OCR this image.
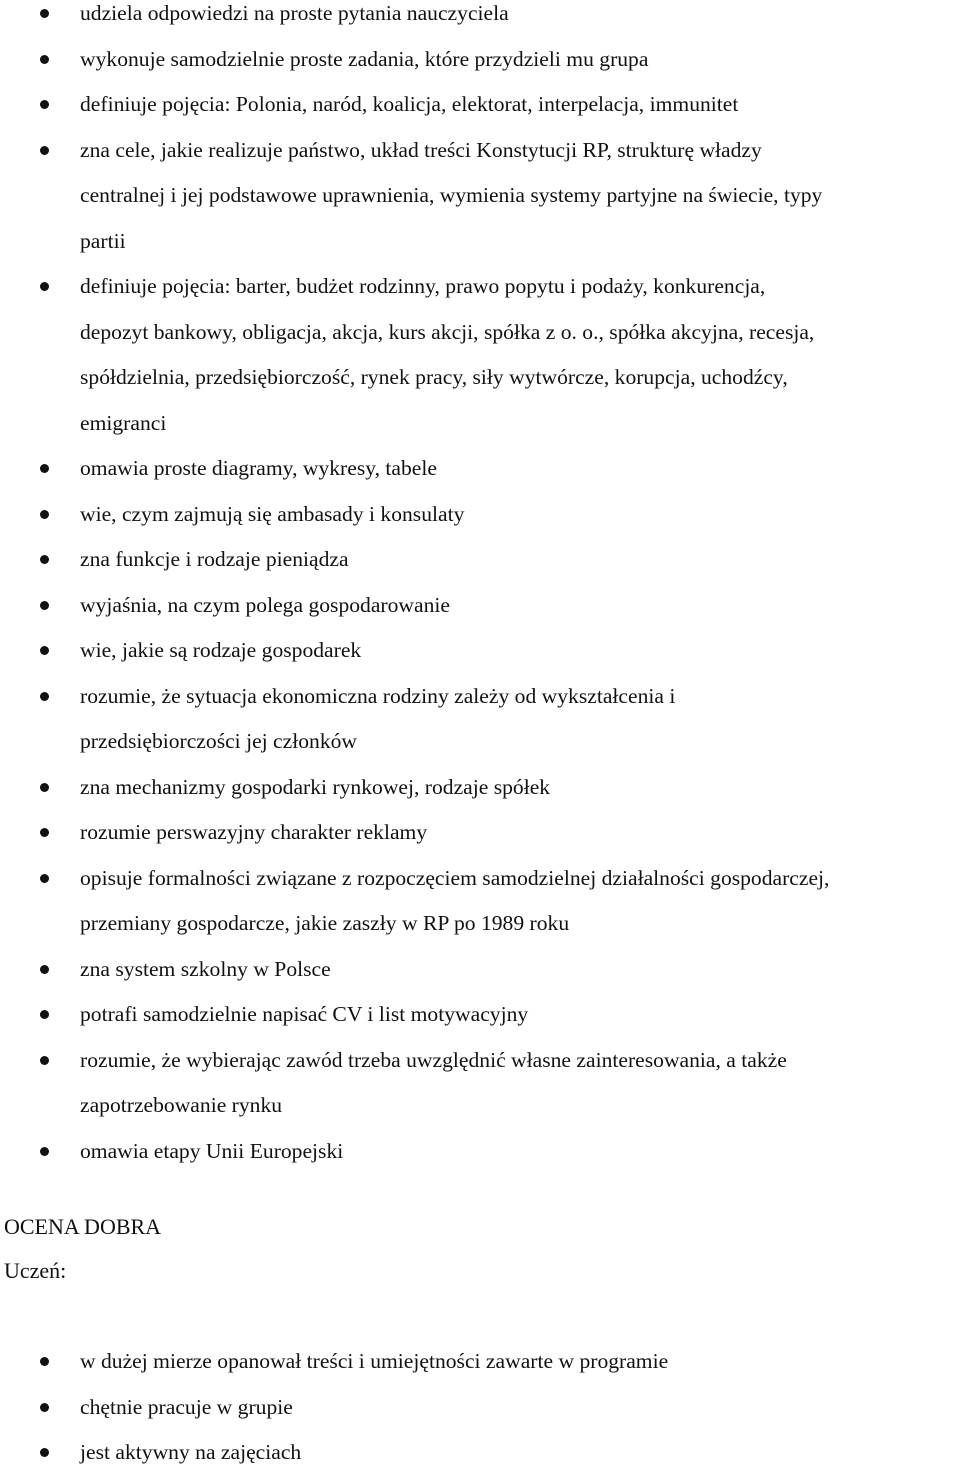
udziela odpowiedzi na proste pytania nauczyciela
wykonuje samodzielnie proste zadania, które przydzieli mu grupa
definiuje pojęcia: Polonia, naród, koalicja, elektorat, interpelacja, immunitet
zna cele, jakie realizuje państwo, układ treści Konstytucji RP, strukturę władzy
centralnej i jej podstawowe uprawnienia, wymienia systemy partyjne na świecie, typy
partii
definiuje pojęcia: barter, budżet rodzinny, prawo popytu i podaży, konkurencja,
depozyt bankowy, obligacja, akcja, kurs akcji, spółka z o. o., spółka akcyjna, recesja,
spółdzielnia, przedsiębiorczość, rynek pracy, siły wytwórcze, korupcja, uchodźcy,
emigranci
omawia proste diagramy, wykresy, tabele
wie, czym zajmują się ambasady i konsulaty
zna funkcje i rodzaje pieniądza
wyjaśnia, na czym polega gospodarowanie
wie, jakie są rodzaje gospodarek
rozumie, że sytuacja ekonomiczna rodziny zależy od wykształcenia i
przedsiębiorczości jej członków
zna mechanizmy gospodarki rynkowej, rodzaje spółek
rozumie perswazyjny charakter reklamy
opisuje formalności związane z rozpoczęciem samodzielnej działalności gospodarczej,
przemiany gospodarcze, jakie zaszły w RP po 1989 roku
zna system szkolny w Polsce
potrafi samodzielnie napisać CV i list motywacyjny
rozumie, że wybierając zawód trzeba uwzględnić własne zainteresowania, a także
zapotrzebowanie rynku
omawia etapy Unii Europejski
OCENA DOBRA
Uczeń:
w dużej mierze opanował treści i umiejętności zawarte w programie
chętnie pracuje w grupie
jest aktywny na zajęciach
